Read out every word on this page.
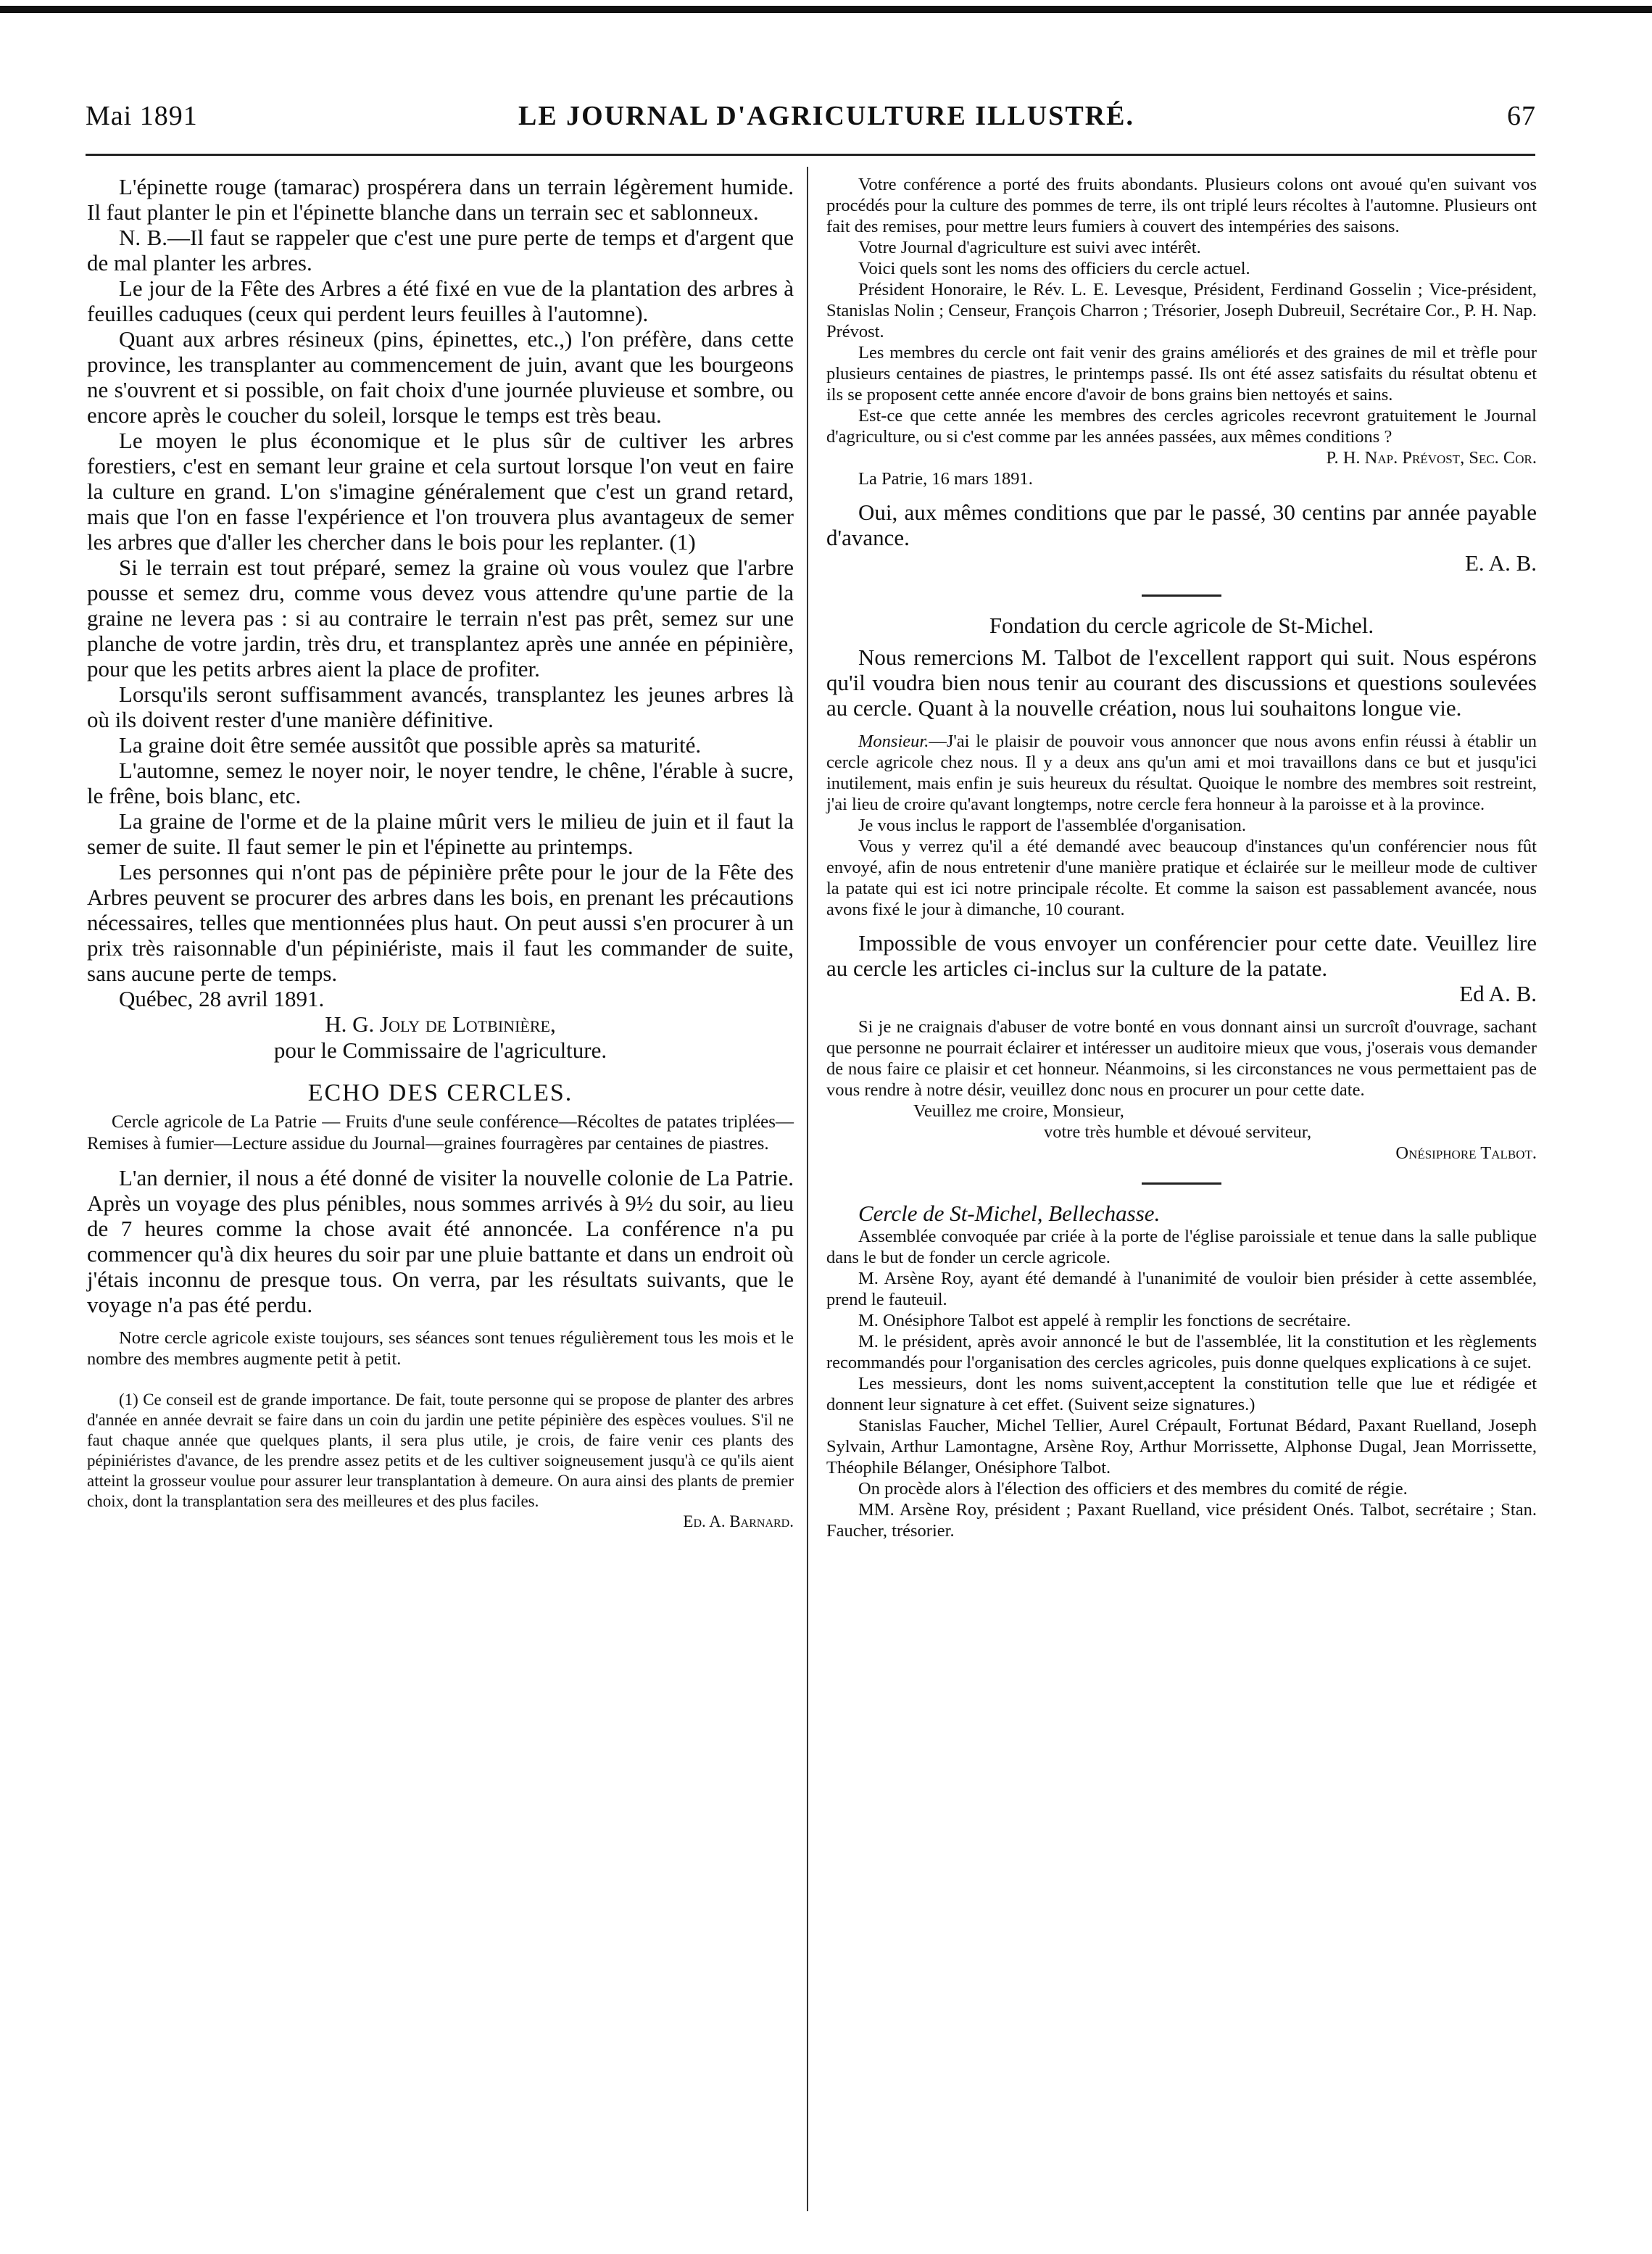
Mai 1891	LE JOURNAL D'AGRICULTURE ILLUSTRÉ.	67

L'épinette rouge (tamarac) prospérera dans un terrain légèrement humide. Il faut planter le pin et l'épinette blanche dans un terrain sec et sablonneux.

N. B.—Il faut se rappeler que c'est une pure perte de temps et d'argent que de mal planter les arbres.

Le jour de la Fête des Arbres a été fixé en vue de la plantation des arbres à feuilles caduques (ceux qui perdent leurs feuilles à l'automne).

Quant aux arbres résineux (pins, épinettes, etc.,) l'on préfère, dans cette province, les transplanter au commencement de juin, avant que les bourgeons ne s'ouvrent et si possible, on fait choix d'une journée pluvieuse et sombre, ou encore après le coucher du soleil, lorsque le temps est très beau.

Le moyen le plus économique et le plus sûr de cultiver les arbres forestiers, c'est en semant leur graine et cela surtout lorsque l'on veut en faire la culture en grand. L'on s'imagine généralement que c'est un grand retard, mais que l'on en fasse l'expérience et l'on trouvera plus avantageux de semer les arbres que d'aller les chercher dans le bois pour les replanter. (1)

Si le terrain est tout préparé, semez la graine où vous voulez que l'arbre pousse et semez dru, comme vous devez vous attendre qu'une partie de la graine ne levera pas : si au contraire le terrain n'est pas prêt, semez sur une planche de votre jardin, très dru, et transplantez après une année en pépinière, pour que les petits arbres aient la place de profiter.

Lorsqu'ils seront suffisamment avancés, transplantez les jeunes arbres là où ils doivent rester d'une manière définitive.

La graine doit être semée aussitôt que possible après sa maturité.

L'automne, semez le noyer noir, le noyer tendre, le chêne, l'érable à sucre, le frêne, bois blanc, etc.

La graine de l'orme et de la plaine mûrit vers le milieu de juin et il faut la semer de suite. Il faut semer le pin et l'épinette au printemps.

Les personnes qui n'ont pas de pépinière prête pour le jour de la Fête des Arbres peuvent se procurer des arbres dans les bois, en prenant les précautions nécessaires, telles que mentionnées plus haut. On peut aussi s'en procurer à un prix très raisonnable d'un pépiniériste, mais il faut les commander de suite, sans aucune perte de temps.

Québec, 28 avril 1891.

H. G. Joly de Lotbinière,

pour le Commissaire de l'agriculture.

ECHO DES CERCLES.

Cercle agricole de La Patrie — Fruits d'une seule conférence—Récoltes de patates triplées—Remises à fumier—Lecture assidue du Journal—graines fourragères par centaines de piastres.

L'an dernier, il nous a été donné de visiter la nouvelle colonie de La Patrie. Après un voyage des plus pénibles, nous sommes arrivés à 9½ du soir, au lieu de 7 heures comme la chose avait été annoncée. La conférence n'a pu commencer qu'à dix heures du soir par une pluie battante et dans un endroit où j'étais inconnu de presque tous. On verra, par les résultats suivants, que le voyage n'a pas été perdu.

Notre cercle agricole existe toujours, ses séances sont tenues régulièrement tous les mois et le nombre des membres augmente petit à petit.

(1) Ce conseil est de grande importance. De fait, toute personne qui se propose de planter des arbres d'année en année devrait se faire dans un coin du jardin une petite pépinière des espèces voulues. S'il ne faut chaque année que quelques plants, il sera plus utile, je crois, de faire venir ces plants des pépiniéristes d'avance, de les prendre assez petits et de les cultiver soigneusement jusqu'à ce qu'ils aient atteint la grosseur voulue pour assurer leur transplantation à demeure. On aura ainsi des plants de premier choix, dont la transplantation sera des meilleures et des plus faciles.

Ed. A. Barnard.

Votre conférence a porté des fruits abondants. Plusieurs colons ont avoué qu'en suivant vos procédés pour la culture des pommes de terre, ils ont triplé leurs récoltes à l'automne. Plusieurs ont fait des remises, pour mettre leurs fumiers à couvert des intempéries des saisons.

Votre Journal d'agriculture est suivi avec intérêt.

Voici quels sont les noms des officiers du cercle actuel.

Président Honoraire, le Rév. L. E. Levesque, Président, Ferdinand Gosselin ; Vice-président, Stanislas Nolin ; Censeur, François Charron ; Trésorier, Joseph Dubreuil, Secrétaire Cor., P. H. Nap. Prévost.

Les membres du cercle ont fait venir des grains améliorés et des graines de mil et trèfle pour plusieurs centaines de piastres, le printemps passé. Ils ont été assez satisfaits du résultat obtenu et ils se proposent cette année encore d'avoir de bons grains bien nettoyés et sains.

Est-ce que cette année les membres des cercles agricoles recevront gratuitement le Journal d'agriculture, ou si c'est comme par les années passées, aux mêmes conditions ?

P. H. Nap. Prévost, Sec. Cor.

La Patrie, 16 mars 1891.

Oui, aux mêmes conditions que par le passé, 30 centins par année payable d'avance.

E. A. B.

Fondation du cercle agricole de St-Michel.

Nous remercions M. Talbot de l'excellent rapport qui suit. Nous espérons qu'il voudra bien nous tenir au courant des discussions et questions soulevées au cercle. Quant à la nouvelle création, nous lui souhaitons longue vie.

Monsieur.—J'ai le plaisir de pouvoir vous annoncer que nous avons enfin réussi à établir un cercle agricole chez nous. Il y a deux ans qu'un ami et moi travaillons dans ce but et jusqu'ici inutilement, mais enfin je suis heureux du résultat. Quoique le nombre des membres soit restreint, j'ai lieu de croire qu'avant longtemps, notre cercle fera honneur à la paroisse et à la province.

Je vous inclus le rapport de l'assemblée d'organisation.

Vous y verrez qu'il a été demandé avec beaucoup d'instances qu'un conférencier nous fût envoyé, afin de nous entretenir d'une manière pratique et éclairée sur le meilleur mode de cultiver la patate qui est ici notre principale récolte. Et comme la saison est passablement avancée, nous avons fixé le jour à dimanche, 10 courant.

Impossible de vous envoyer un conférencier pour cette date. Veuillez lire au cercle les articles ci-inclus sur la culture de la patate.

Ed A. B.

Si je ne craignais d'abuser de votre bonté en vous donnant ainsi un surcroît d'ouvrage, sachant que personne ne pourrait éclairer et intéresser un auditoire mieux que vous, j'oserais vous demander de nous faire ce plaisir et cet honneur. Néanmoins, si les circonstances ne vous permettaient pas de vous rendre à notre désir, veuillez donc nous en procurer un pour cette date.

Veuillez me croire, Monsieur,

votre très humble et dévoué serviteur,

Onésiphore Talbot.

Cercle de St-Michel, Bellechasse.

Assemblée convoquée par criée à la porte de l'église paroissiale et tenue dans la salle publique dans le but de fonder un cercle agricole.

M. Arsène Roy, ayant été demandé à l'unanimité de vouloir bien présider à cette assemblée, prend le fauteuil.

M. Onésiphore Talbot est appelé à remplir les fonctions de secrétaire.

M. le président, après avoir annoncé le but de l'assemblée, lit la constitution et les règlements recommandés pour l'organisation des cercles agricoles, puis donne quelques explications à ce sujet.

Les messieurs, dont les noms suivent,acceptent la constitution telle que lue et rédigée et donnent leur signature à cet effet. (Suivent seize signatures.)

Stanislas Faucher, Michel Tellier, Aurel Crépault, Fortunat Bédard, Paxant Ruelland, Joseph Sylvain, Arthur Lamontagne, Arsène Roy, Arthur Morrissette, Alphonse Dugal, Jean Morrissette, Théophile Bélanger, Onésiphore Talbot.

On procède alors à l'élection des officiers et des membres du comité de régie.

MM. Arsène Roy, président ; Paxant Ruelland, vice président Onés. Talbot, secrétaire ; Stan. Faucher, trésorier.
